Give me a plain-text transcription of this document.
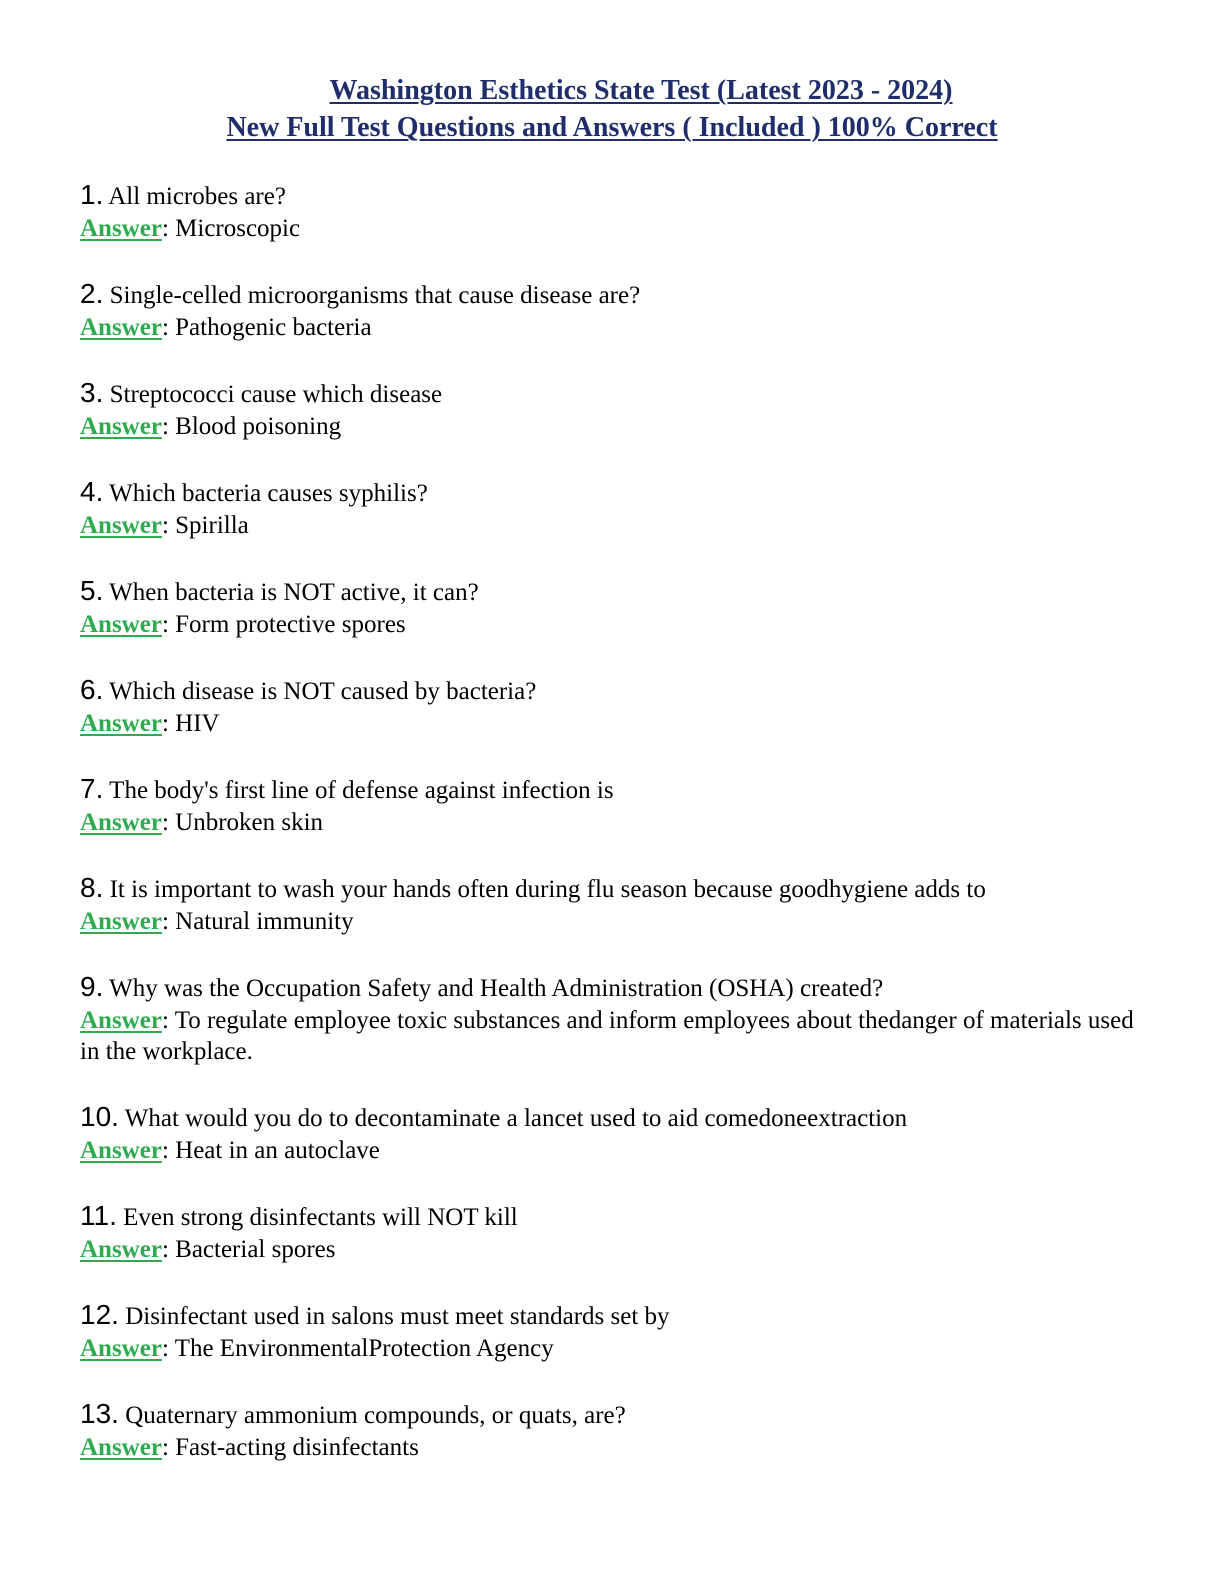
Washington Esthetics State Test (Latest 2023 - 2024)
New Full Test Questions and Answers ( Included ) 100% Correct
1. All microbes are?
Answer: Microscopic
2. Single-celled microorganisms that cause disease are?
Answer: Pathogenic bacteria
3. Streptococci cause which disease
Answer: Blood poisoning
4. Which bacteria causes syphilis?
Answer: Spirilla
5. When bacteria is NOT active, it can?
Answer: Form protective spores
6. Which disease is NOT caused by bacteria?
Answer: HIV
7. The body's first line of defense against infection is
Answer: Unbroken skin
8. It is important to wash your hands often during flu season because goodhygiene adds to
Answer: Natural immunity
9. Why was the Occupation Safety and Health Administration (OSHA) created?
Answer: To regulate employee toxic substances and inform employees about thedanger of materials used in the workplace.
10. What would you do to decontaminate a lancet used to aid comedoneextraction
Answer: Heat in an autoclave
11. Even strong disinfectants will NOT kill
Answer: Bacterial spores
12. Disinfectant used in salons must meet standards set by
Answer: The EnvironmentalProtection Agency
13. Quaternary ammonium compounds, or quats, are?
Answer: Fast-acting disinfectants
